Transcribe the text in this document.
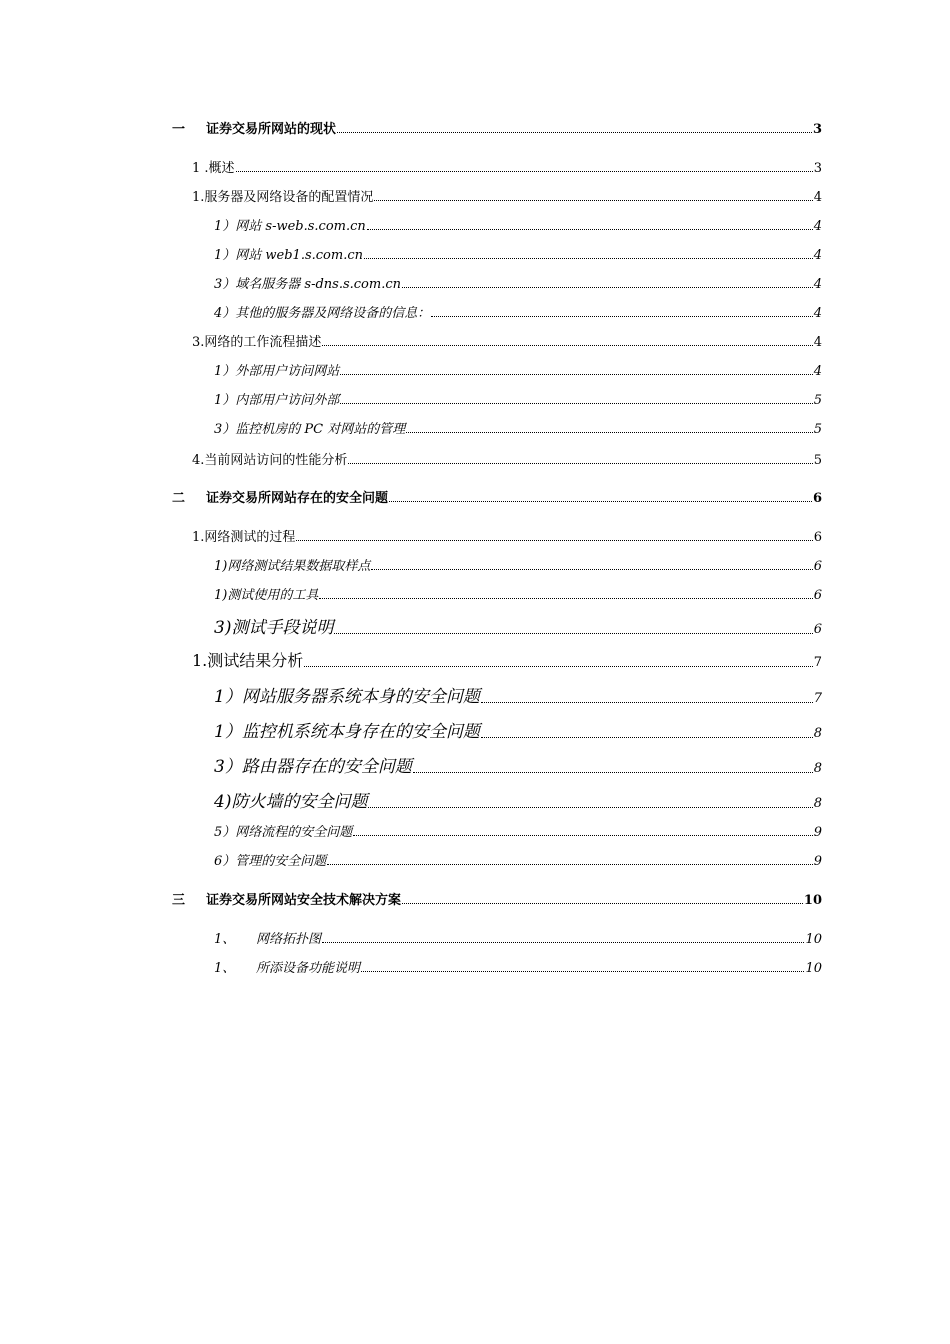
一	证券交易所网站的现状	3
1 .概述	3
1.服务器及网络设备的配置情况	4
1）网站 s-web.s.com.cn	4
1）网站 web1.s.com.cn	4
3）域名服务器 s-dns.s.com.cn	4
4）其他的服务器及网络设备的信息：	4
3.网络的工作流程描述	4
1）外部用户访问网站	4
1）内部用户访问外部	5
3）监控机房的 PC 对网站的管理	5
4.当前网站访问的性能分析	5
二	证券交易所网站存在的安全问题	6
1.网络测试的过程	6
1)网络测试结果数据取样点	6
1)测试使用的工具	6
3)测试手段说明	6
1.测试结果分析	7
1）网站服务器系统本身的安全问题	7
1）监控机系统本身存在的安全问题	8
3）路由器存在的安全问题	8
4)防火墙的安全问题	8
5）网络流程的安全问题	9
6）管理的安全问题	9
三	证券交易所网站安全技术解决方案	10
1、	网络拓扑图	10
1、	所添设备功能说明	10
